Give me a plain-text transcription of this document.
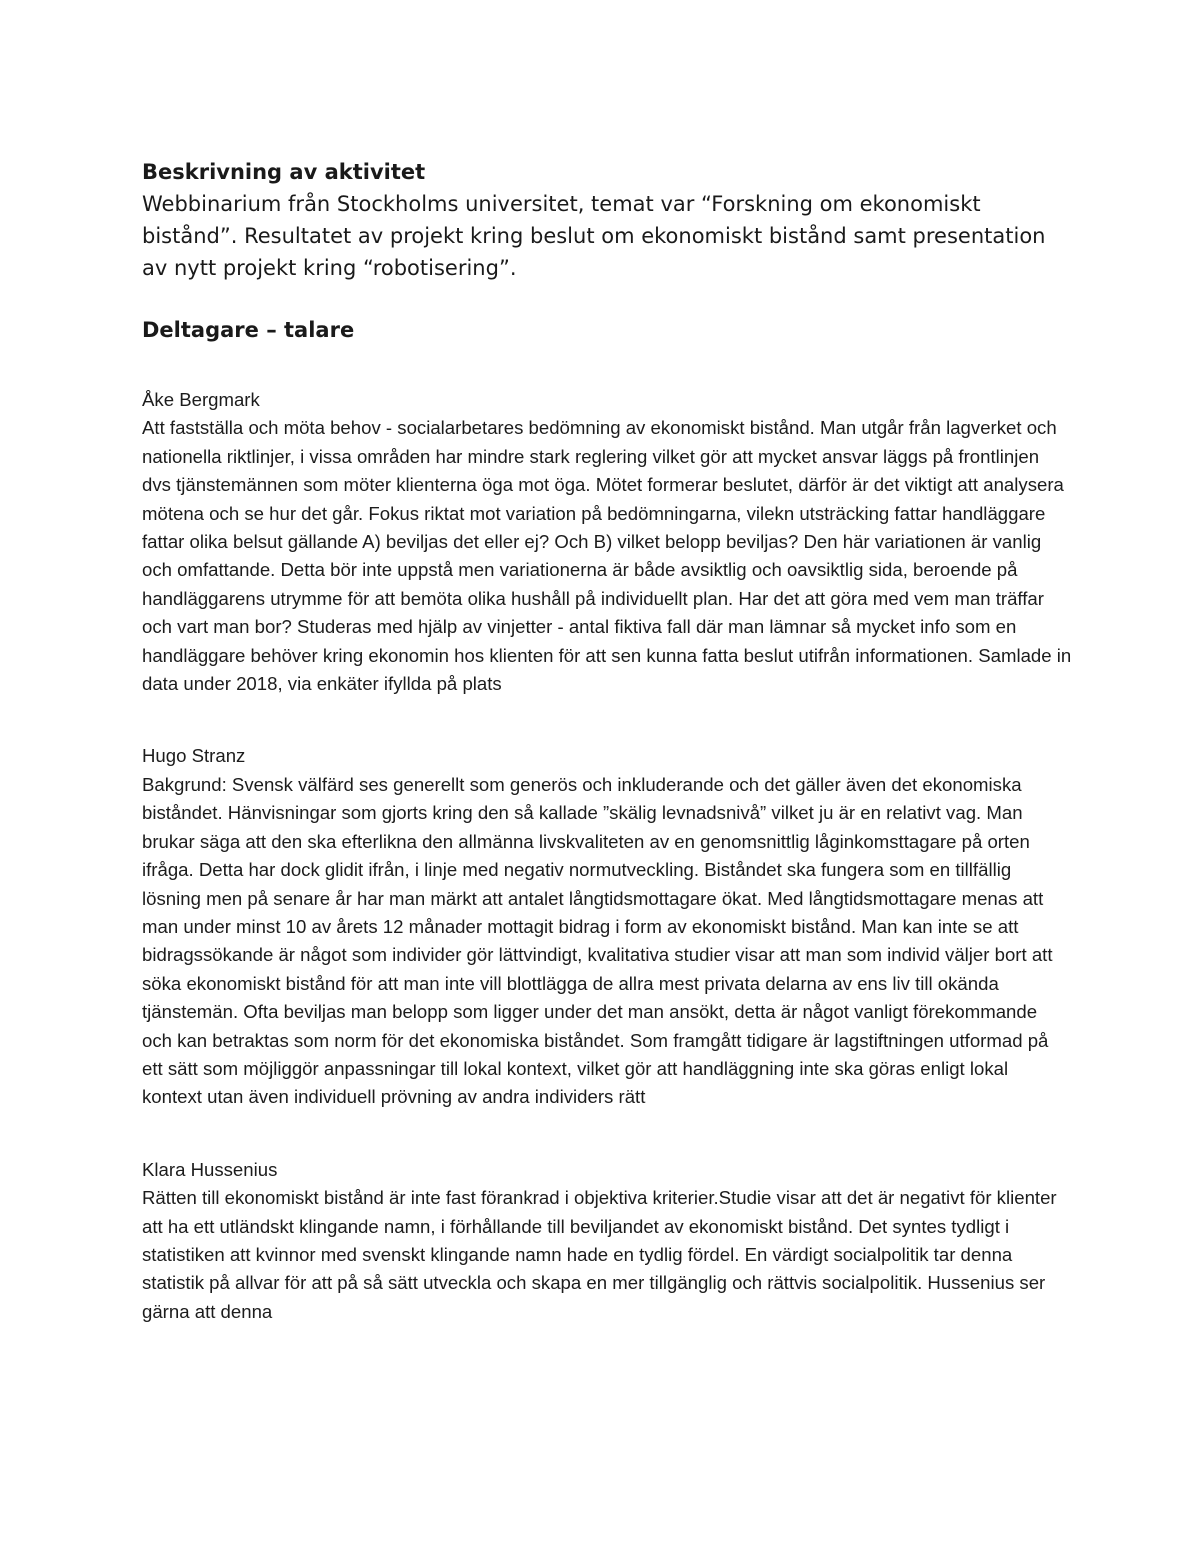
Beskrivning av aktivitet

Webbinarium från Stockholms universitet, temat var “Forskning om ekonomiskt bistånd”. Resultatet av projekt kring beslut om ekonomiskt bistånd samt presentation av nytt projekt kring “robotisering”.

Deltagare – talare

Åke Bergmark

Att fastställa och möta behov - socialarbetares bedömning av ekonomiskt bistånd. Man utgår från lagverket och nationella riktlinjer, i vissa områden har mindre stark reglering vilket gör att mycket ansvar läggs på frontlinjen dvs tjänstemännen som möter klienterna öga mot öga. Mötet formerar beslutet, därför är det viktigt att analysera mötena och se hur det går. Fokus riktat mot variation på bedömningarna, vilekn utsträcking fattar handläggare fattar olika belsut gällande A) beviljas det eller ej? Och B) vilket belopp beviljas? Den här variationen är vanlig och omfattande. Detta bör inte uppstå men variationerna är både avsiktlig och oavsiktlig sida, beroende på handläggarens utrymme för att bemöta olika hushåll på individuellt plan. Har det att göra med vem man träffar och vart man bor? Studeras med hjälp av vinjetter - antal fiktiva fall där man lämnar så mycket info som en handläggare behöver kring ekonomin hos klienten för att sen kunna fatta beslut utifrån informationen. Samlade in data under 2018, via enkäter ifyllda på plats

Hugo Stranz

Bakgrund: Svensk välfärd ses generellt som generös och inkluderande och det gäller även det ekonomiska biståndet. Hänvisningar som gjorts kring den så kallade ”skälig levnadsnivå” vilket ju är en relativt vag. Man brukar säga att den ska efterlikna den allmänna livskvaliteten av en genomsnittlig låginkomsttagare på orten ifråga. Detta har dock glidit ifrån, i linje med negativ normutveckling. Biståndet ska fungera som en tillfällig lösning men på senare år har man märkt att antalet långtidsmottagare ökat. Med långtidsmottagare menas att man under minst 10 av årets 12 månader mottagit bidrag i form av ekonomiskt bistånd. Man kan inte se att bidragssökande är något som individer gör lättvindigt, kvalitativa studier visar att man som individ väljer bort att söka ekonomiskt bistånd för att man inte vill blottlägga de allra mest privata delarna av ens liv till okända tjänstemän. Ofta beviljas man belopp som ligger under det man ansökt, detta är något vanligt förekommande och kan betraktas som norm för det ekonomiska biståndet. Som framgått tidigare är lagstiftningen utformad på ett sätt som möjliggör anpassningar till lokal kontext, vilket gör att handläggning inte ska göras enligt lokal kontext utan även individuell prövning av andra individers rätt

Klara Hussenius

Rätten till ekonomiskt bistånd är inte fast förankrad i objektiva kriterier.Studie visar att det är negativt för klienter att ha ett utländskt klingande namn, i förhållande till beviljandet av ekonomiskt bistånd. Det syntes tydligt i statistiken att kvinnor med svenskt klingande namn hade en tydlig fördel. En värdigt socialpolitik tar denna statistik på allvar för att på så sätt utveckla och skapa en mer tillgänglig och rättvis socialpolitik. Hussenius ser gärna att denna
